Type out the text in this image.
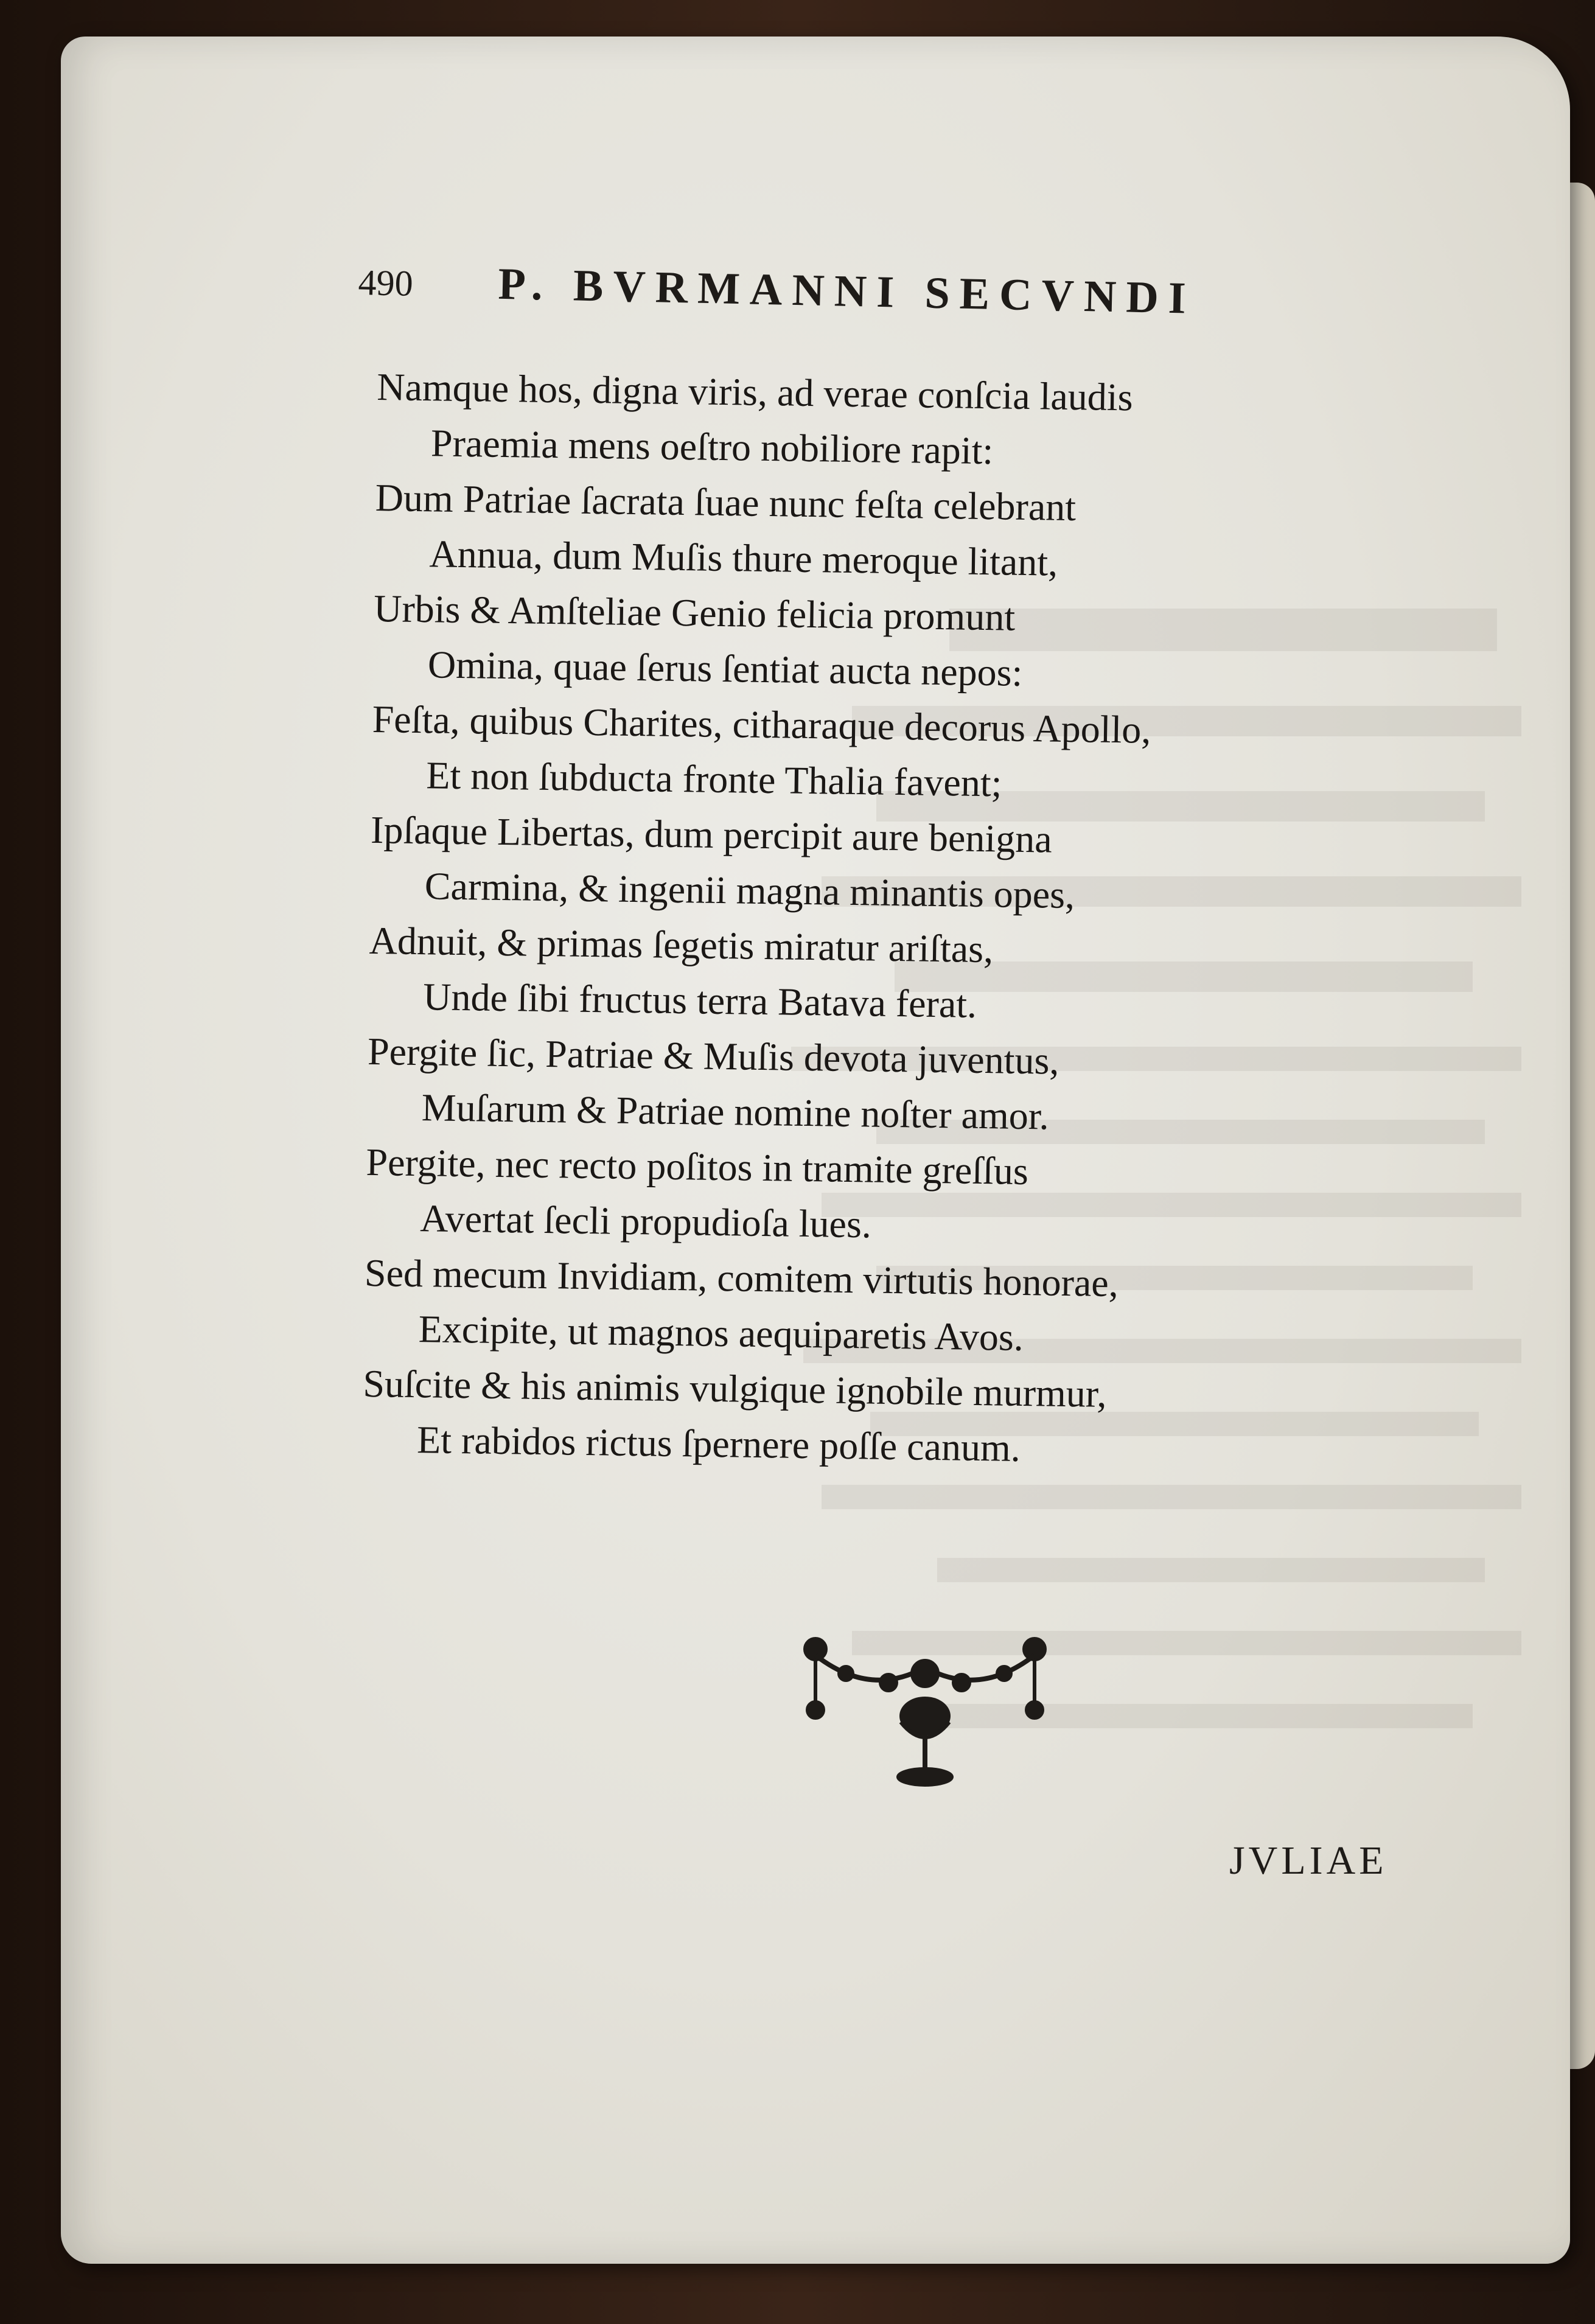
490 P. BVRMANNI SECVNDI
Namque hos, digna viris, ad verae conſcia laudis
Praemia mens oeſtro nobiliore rapit:
Dum Patriae ſacrata ſuae nunc feſta celebrant
Annua, dum Muſis thure meroque litant,
Urbis & Amſteliae Genio felicia promunt
Omina, quae ſerus ſentiat aucta nepos:
Feſta, quibus Charites, citharaque decorus Apollo,
Et non ſubducta fronte Thalia favent;
Ipſaque Libertas, dum percipit aure benigna
Carmina, & ingenii magna minantis opes,
Adnuit, & primas ſegetis miratur ariſtas,
Unde ſibi fructus terra Batava ferat.
Pergite ſic, Patriae & Muſis devota juventus,
Muſarum & Patriae nomine noſter amor.
Pergite, nec recto poſitos in tramite greſſus
Avertat ſecli propudioſa lues.
Sed mecum Invidiam, comitem virtutis honorae,
Excipite, ut magnos aequiparetis Avos.
Suſcite & his animis vulgique ignobile murmur,
Et rabidos rictus ſpernere poſſe canum.
JVLIAE
